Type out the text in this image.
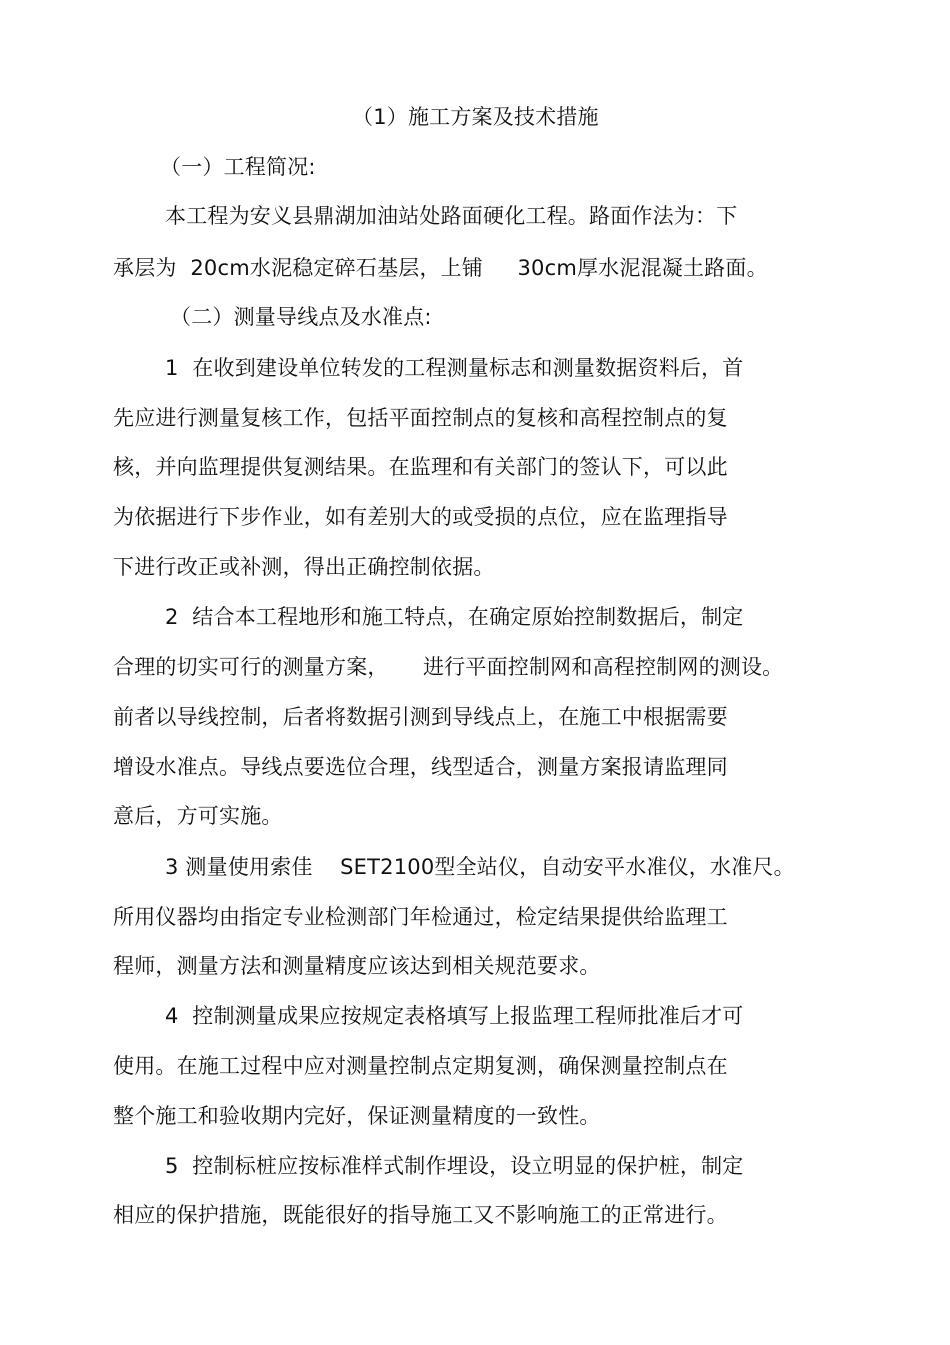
（1）施工方案及技术措施
（一）工程简况:
本工程为安义县鼎湖加油站处路面硬化工程。路面作法为：下
承层为  20cm水泥稳定碎石基层，上铺     30cm厚水泥混凝土路面。
（二）测量导线点及水准点:
1  在收到建设单位转发的工程测量标志和测量数据资料后，首
先应进行测量复核工作，包括平面控制点的复核和高程控制点的复
核，并向监理提供复测结果。在监理和有关部门的签认下，可以此
为依据进行下步作业，如有差别大的或受损的点位，应在监理指导
下进行改正或补测，得出正确控制依据。
2  结合本工程地形和施工特点，在确定原始控制数据后，制定
合理的切实可行的测量方案，     进行平面控制网和高程控制网的测设。
前者以导线控制，后者将数据引测到导线点上，在施工中根据需要
增设水准点。导线点要选位合理，线型适合，测量方案报请监理同
意后，方可实施。
3 测量使用索佳    SET2100型全站仪，自动安平水准仪，水准尺。
所用仪器均由指定专业检测部门年检通过，检定结果提供给监理工
程师，测量方法和测量精度应该达到相关规范要求。
4  控制测量成果应按规定表格填写上报监理工程师批准后才可
使用。在施工过程中应对测量控制点定期复测，确保测量控制点在
整个施工和验收期内完好，保证测量精度的一致性。
5  控制标桩应按标准样式制作埋设，设立明显的保护桩，制定
相应的保护措施，既能很好的指导施工又不影响施工的正常进行。
